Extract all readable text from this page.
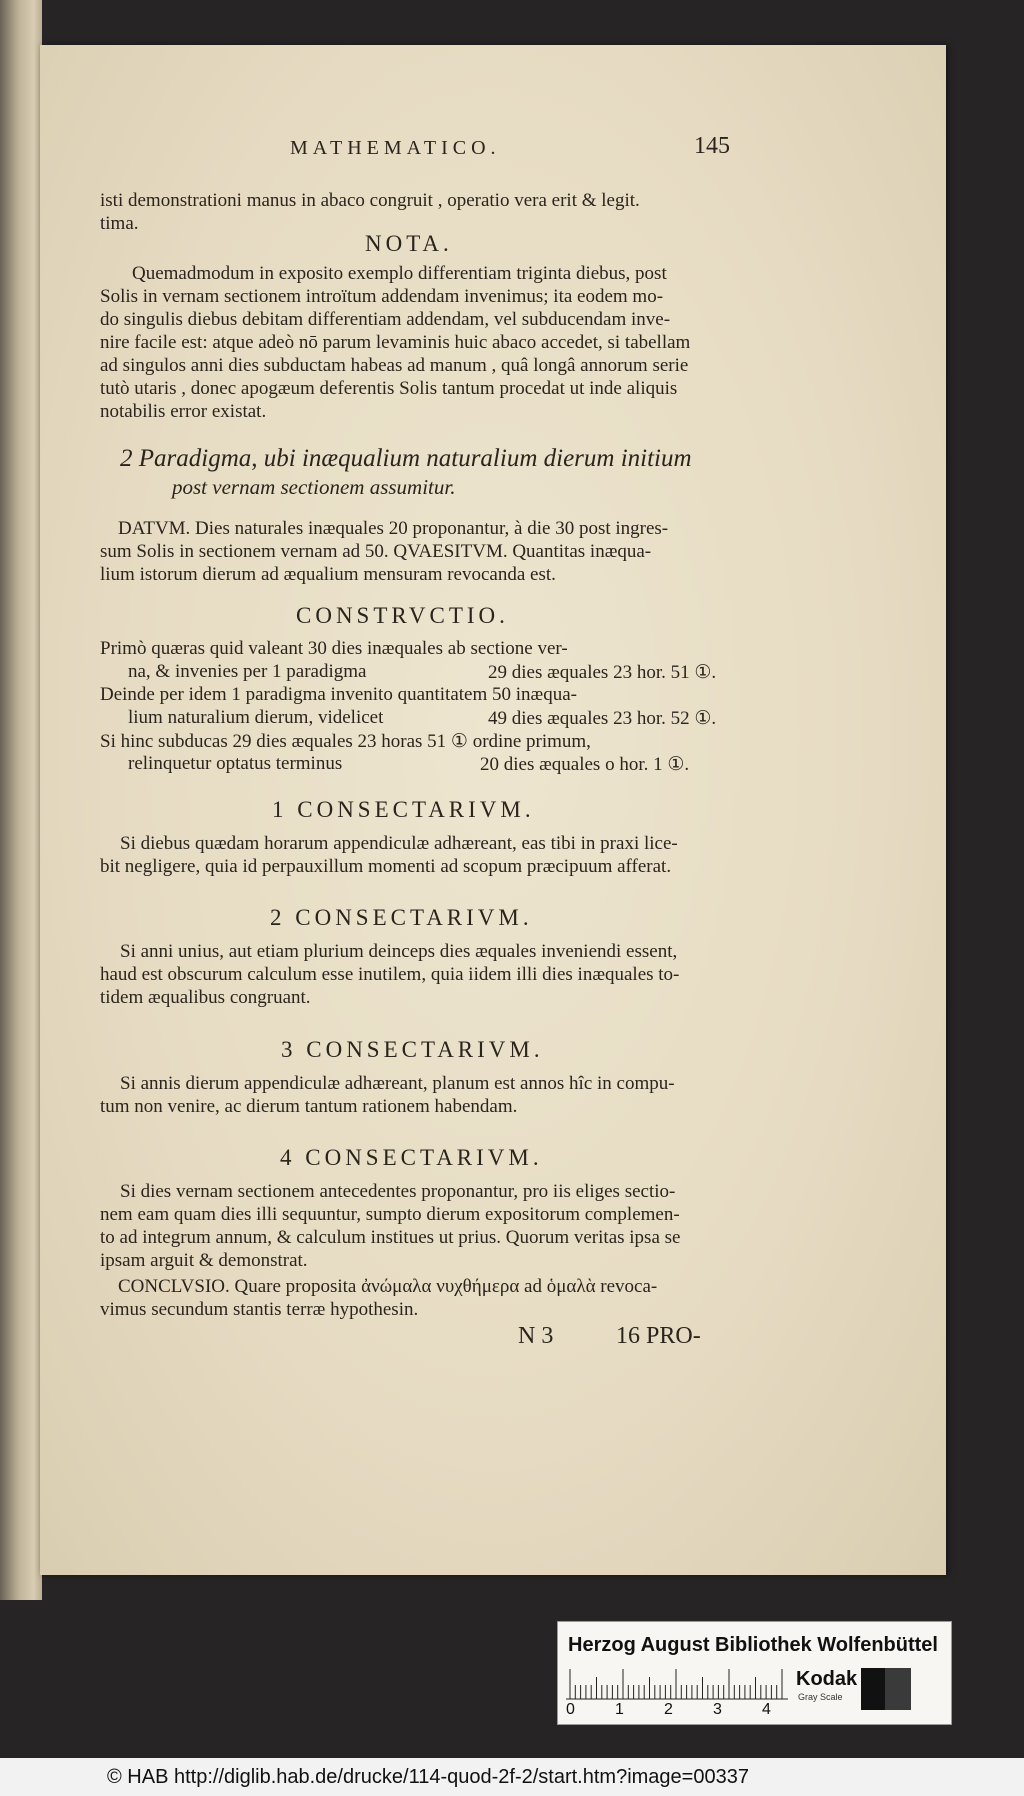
MATHEMATICO.	145
isti demonstrationi manus in abaco congruit , operatio vera erit & legit.
tima.
NOTA.
Quemadmodum in exposito exemplo differentiam triginta diebus, post
Solis in vernam sectionem introïtum addendam invenimus; ita eodem mo-
do singulis diebus debitam differentiam addendam, vel subducendam inve-
nire facile est: atque adeò nō parum levaminis huic abaco accedet, si tabellam
ad singulos anni dies subductam habeas ad manum , quâ longâ annorum serie
tutò utaris , donec apogæum deferentis Solis tantum procedat ut inde aliquis
notabilis error existat.
2 Paradigma, ubi inæqualium naturalium dierum initium
post vernam sectionem assumitur.
DATVM. Dies naturales inæquales 20 proponantur, à die 30 post ingres-
sum Solis in sectionem vernam ad 50. QVAESITVM. Quantitas inæqua-
lium istorum dierum ad æqualium mensuram revocanda est.
CONSTRVCTIO.
Primò quæras quid valeant 30 dies inæquales ab sectione ver-
na, & invenies per 1 paradigma	29 dies æquales 23 hor. 51 ①.
Deinde per idem 1 paradigma invenito quantitatem 50 inæqua-
lium naturalium dierum, videlicet	49 dies æquales 23 hor. 52 ①.
Si hinc subducas 29 dies æquales 23 horas 51 ① ordine primum,
relinquetur optatus terminus	20 dies æquales o hor. 1 ①.
1 CONSECTARIVM.
Si diebus quædam horarum appendiculæ adhæreant, eas tibi in praxi lice-
bit negligere, quia id perpauxillum momenti ad scopum præcipuum afferat.
2 CONSECTARIVM.
Si anni unius, aut etiam plurium deinceps dies æquales inveniendi essent,
haud est obscurum calculum esse inutilem, quia iidem illi dies inæquales to-
tidem æqualibus congruant.
3 CONSECTARIVM.
Si annis dierum appendiculæ adhæreant, planum est annos hîc in compu-
tum non venire, ac dierum tantum rationem habendam.
4 CONSECTARIVM.
Si dies vernam sectionem antecedentes proponantur, pro iis eliges sectio-
nem eam quam dies illi sequuntur, sumpto dierum expositorum complemen-
to ad integrum annum, & calculum institues ut prius. Quorum veritas ipsa se
ipsam arguit & demonstrat.
CONCLVSIO. Quare proposita ἀνώμαλα νυχθήμερα ad ὁμαλὰ revoca-
vimus secundum stantis terræ hypothesin.
N 3	16 PRO-
Herzog August Bibliothek Wolfenbüttel
0	1	2	3	4
Kodak
Gray Scale
© HAB http://diglib.hab.de/drucke/114-quod-2f-2/start.htm?image=00337
